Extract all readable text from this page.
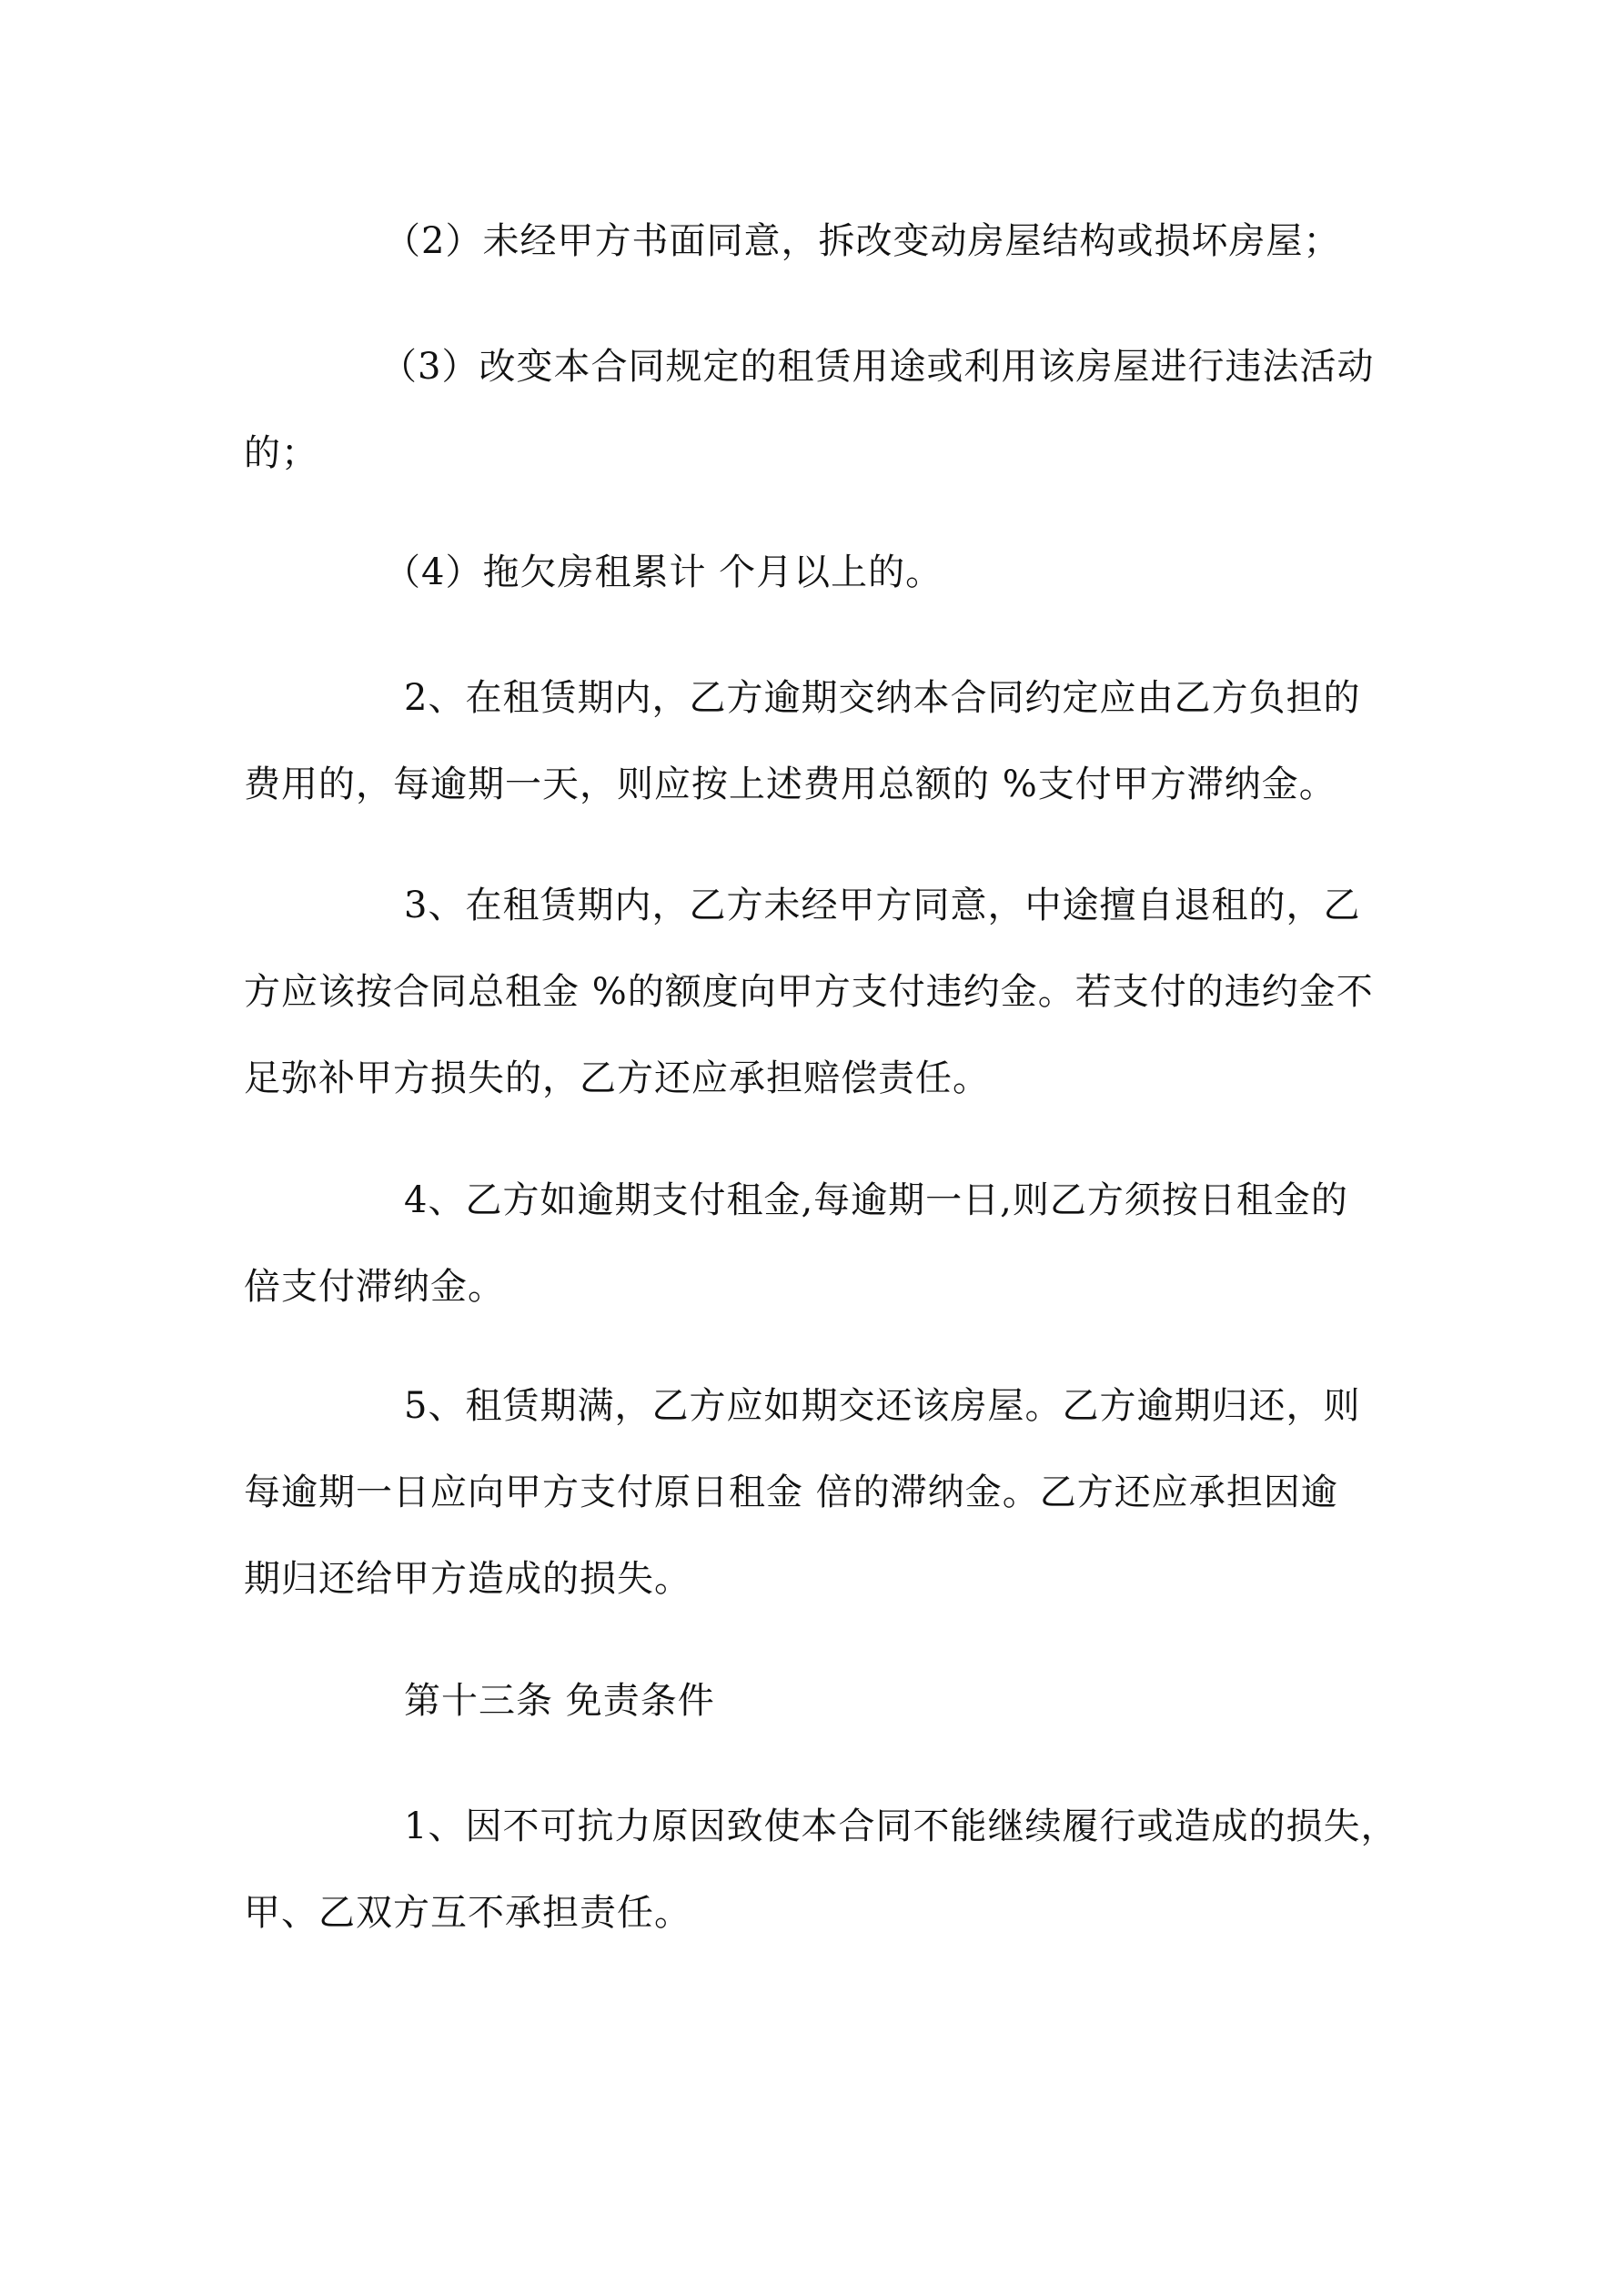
（2）未经甲方书面同意，拆改变动房屋结构或损坏房屋；
（3）改变本合同规定的租赁用途或利用该房屋进行违法活动
的；
（4）拖欠房租累计 个月以上的。
2、在租赁期内，乙方逾期交纳本合同约定应由乙方负担的
费用的，每逾期一天，则应按上述费用总额的 %支付甲方滞纳金。
3、在租赁期内，乙方未经甲方同意，中途擅自退租的，乙
方应该按合同总租金 %的额度向甲方支付违约金。若支付的违约金不
足弥补甲方损失的，乙方还应承担赔偿责任。
4、乙方如逾期支付租金,每逾期一日,则乙方须按日租金的
倍支付滞纳金。
5、租赁期满，乙方应如期交还该房屋。乙方逾期归还，则
每逾期一日应向甲方支付原日租金 倍的滞纳金。乙方还应承担因逾
期归还给甲方造成的损失。
第十三条 免责条件
1、因不可抗力原因致使本合同不能继续履行或造成的损失，
甲、乙双方互不承担责任。
